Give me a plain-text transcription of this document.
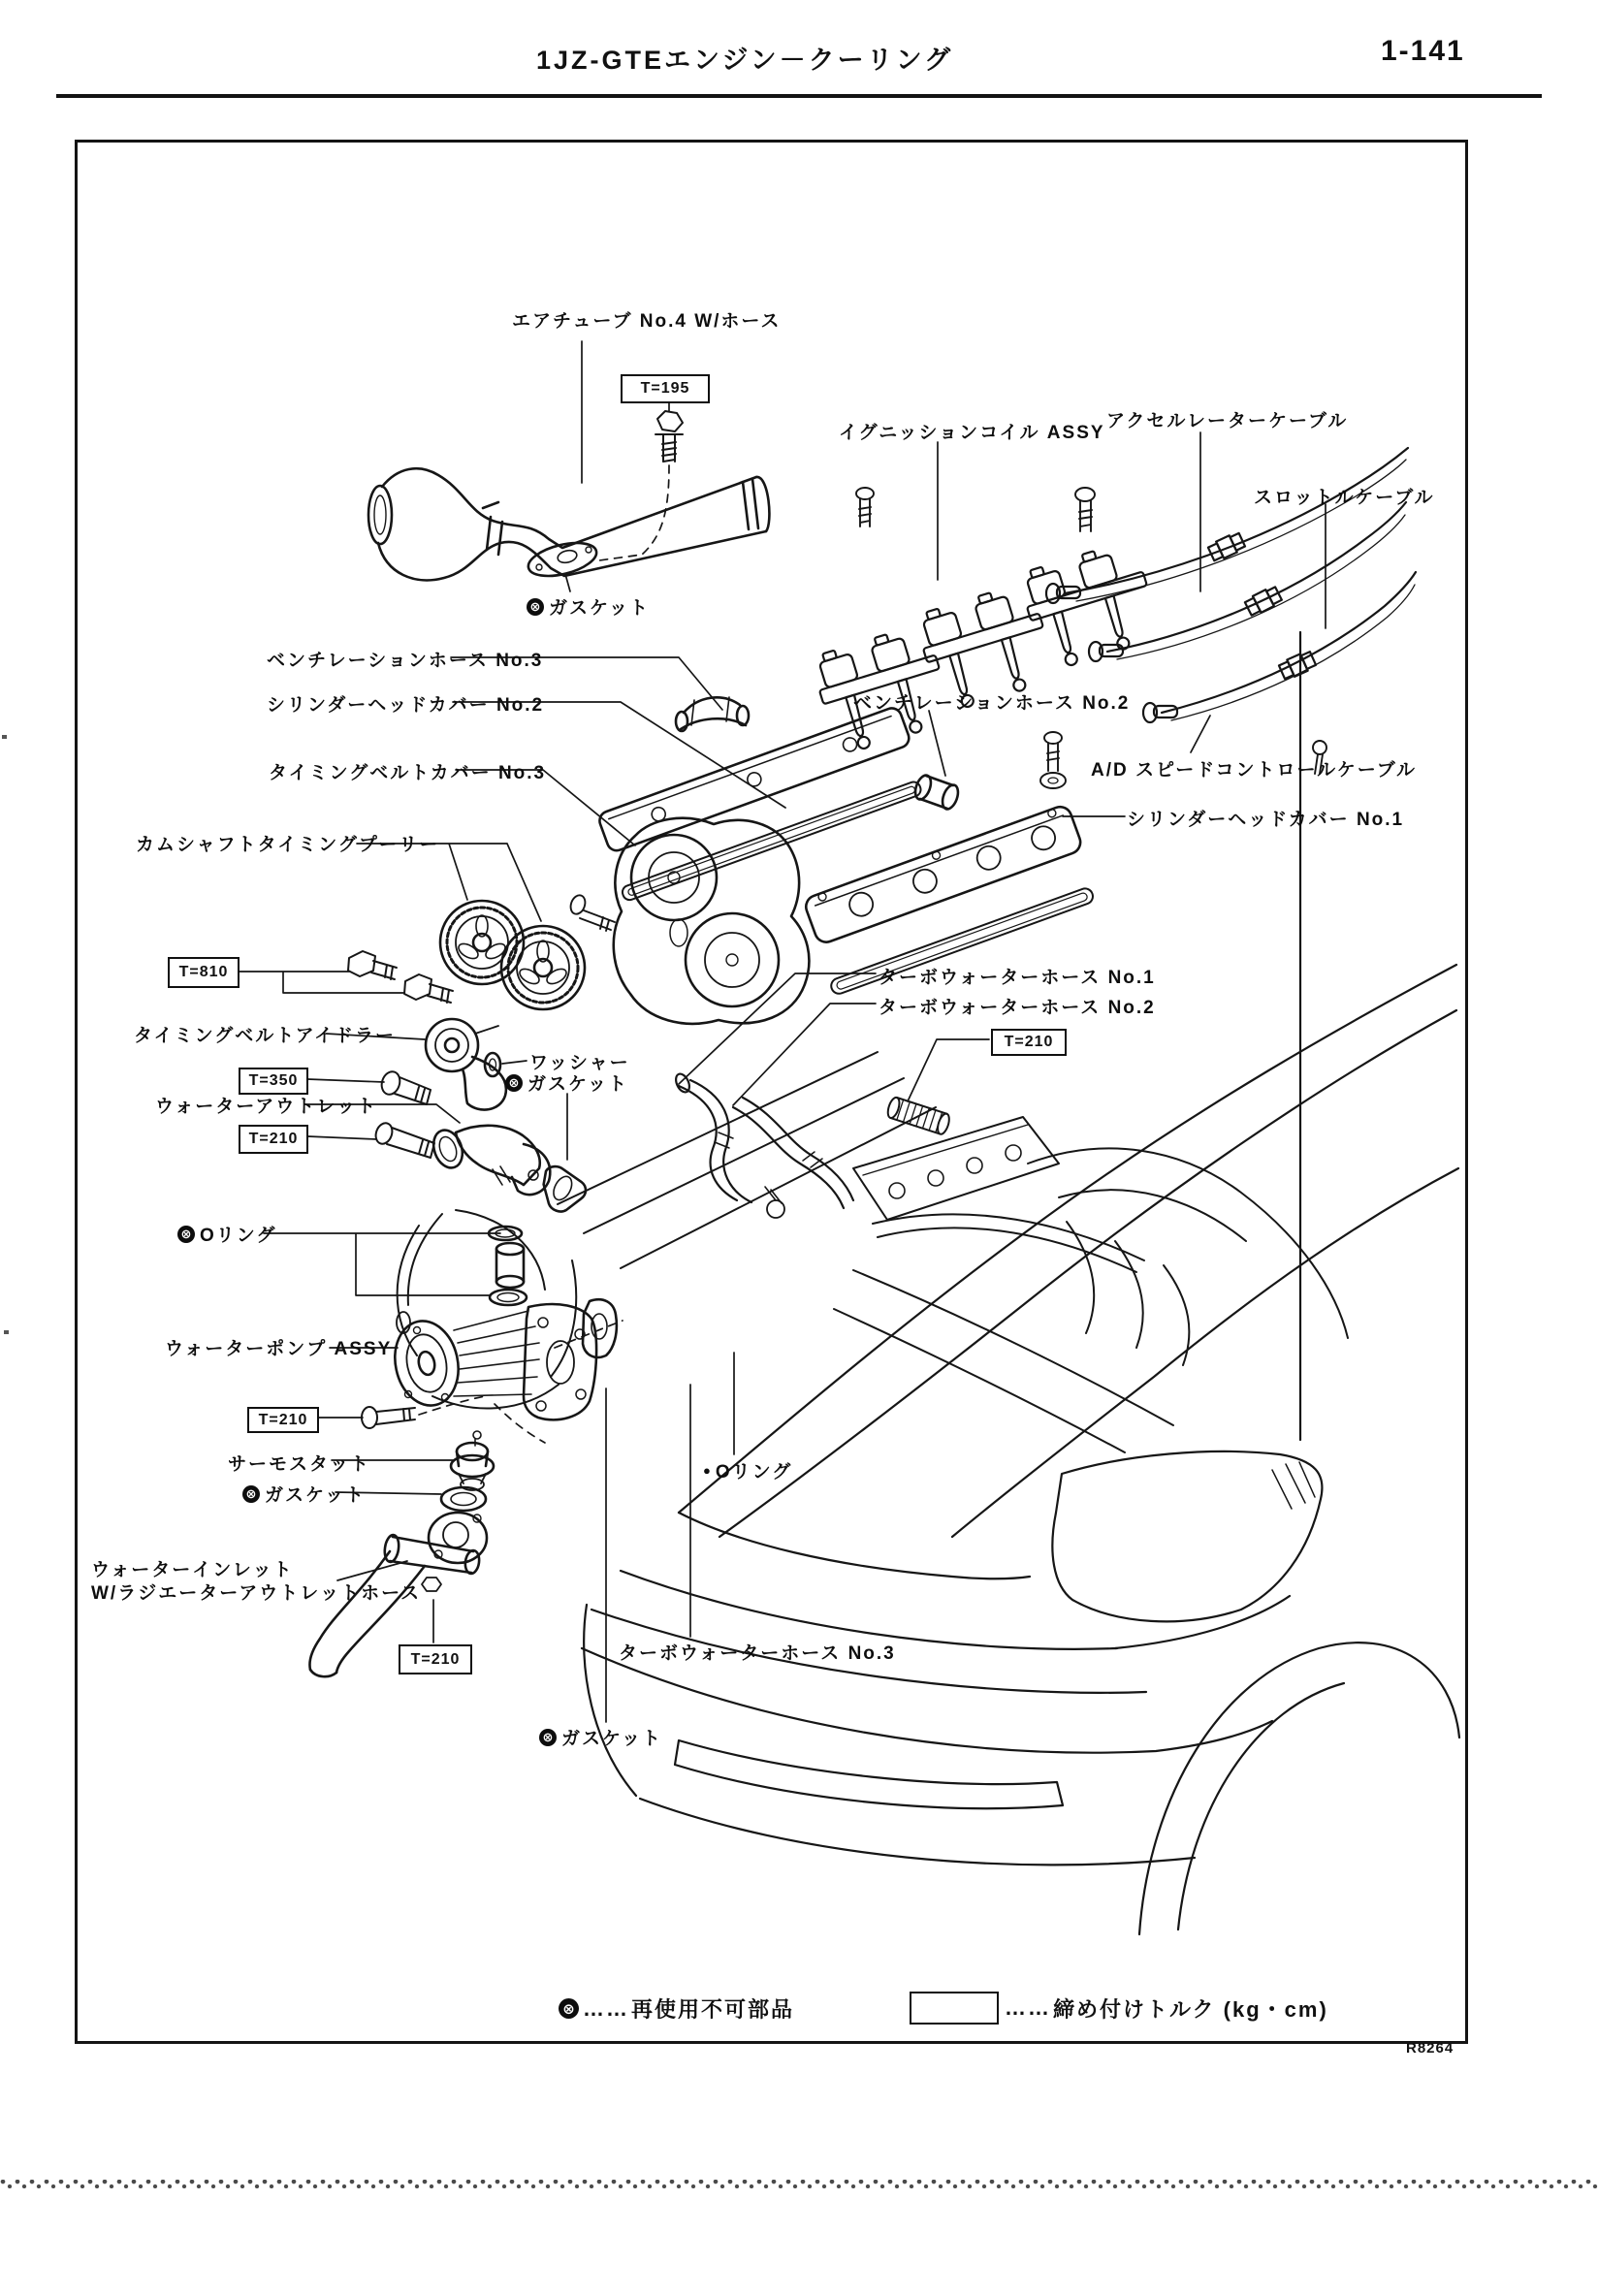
1JZ-GTEエンジン－クーリング	1-141
エアチューブ No.4 W/ホース
イグニッションコイル ASSY
アクセルレーターケーブル
スロットルケーブル
⊗ ガスケット
ベンチレーションホース No.3
シリンダーヘッドカバー No.2	ベンチレーションホース No.2
タイミングベルトカバー No.3	A/D スピードコントロールケーブル
シリンダーヘッドカバー No.1
カムシャフトタイミングプーリー
タイミングベルトアイドラー
ワッシャー
⊗ ガスケット
ウォーターアウトレット
ターボウォーターホース No.1
ターボウォーターホース No.2
⊗ Oリング
ウォーターポンプ ASSY
サーモスタット
⊗ ガスケット
ウォーターインレット
W/ラジエーターアウトレットホース
● Oリング
ターボウォーターホース No.3
⊗ ガスケット
T=195
T=810
T=350
T=210
T=210
T=210
T=210
⊗ …… 再使用不可部品	…… 締め付けトルク (kg・cm)
R8264
